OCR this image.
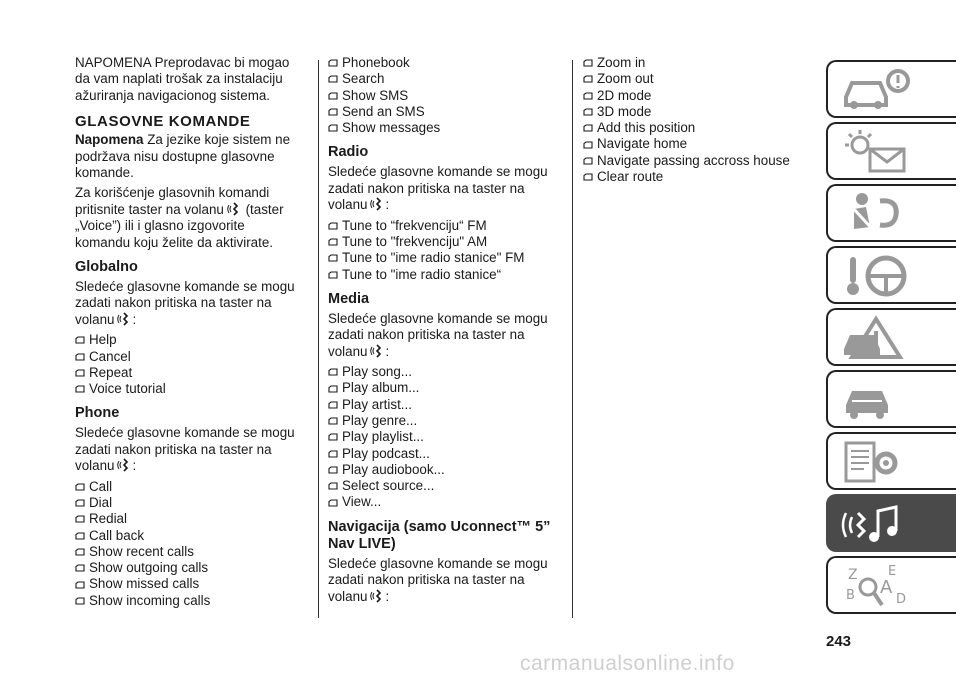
NAPOMENA Preprodavac bi mogao da vam naplati trošak za instalaciju ažuriranja navigacionog sistema.

GLASOVNE KOMANDE

Napomena Za jezike koje sistem ne podržava nisu dostupne glasovne komande.

Za korišćenje glasovnih komandi pritisnite taster na volanu (taster „Voice”) ili i glasno izgovorite komandu koju želite da aktivirate.

Globalno

Sledeće glasovne komande se mogu zadati nakon pritiska na taster na volanu :

Help
Cancel
Repeat
Voice tutorial
Phone

Sledeće glasovne komande se mogu zadati nakon pritiska na taster na volanu :

Call
Dial
Redial
Call back
Show recent calls
Show outgoing calls
Show missed calls
Show incoming calls
Phonebook
Search
Show SMS
Send an SMS
Show messages
Radio

Sledeće glasovne komande se mogu zadati nakon pritiska na taster na volanu :

Tune to “frekvenciju“ FM
Tune to "frekvenciju" AM
Tune to "ime radio stanice" FM
Tune to "ime radio stanice“
Media

Sledeće glasovne komande se mogu zadati nakon pritiska na taster na volanu :

Play song...
Play album...
Play artist...
Play genre...
Play playlist...
Play podcast...
Play audiobook...
Select source...
View...
Navigacija (samo Uconnect™ 5” Nav LIVE)

Sledeće glasovne komande se mogu zadati nakon pritiska na taster na volanu :

Zoom in
Zoom out
2D mode
3D mode
Add this position
Navigate home
Navigate passing accross house
Clear route
Z E
B A
D
243
carmanualsonline.info
